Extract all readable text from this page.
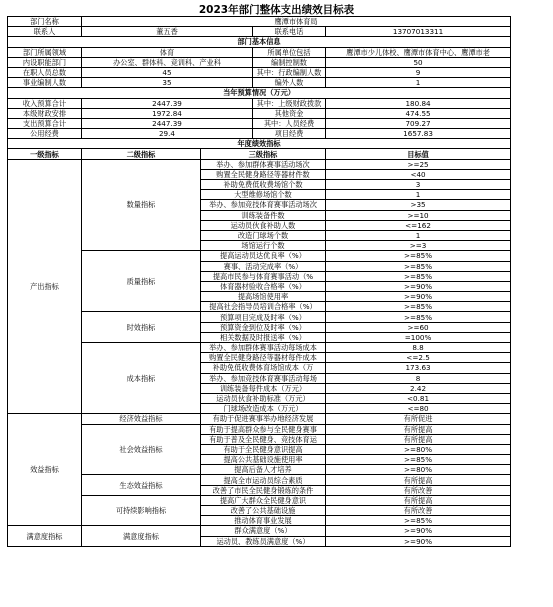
2023年部门整体支出绩效目标表
部门名称	鹰潭市体育局			
联系人	董五香		联系电话	13707013311
部门基本信息				
部门所属领域	体育		所属单位包括	鹰潭市少儿体校、鹰潭市体育中心、鹰潭市老
内设职能部门	办公室、群体科、竞训科、产业科		编制控制数	50
在职人员总数	45		其中：行政编制人数	9
事业编制人数	35		编外人数	1
当年预算情况（万元）				
收入预算合计	2447.39		其中：上级财政拨款	180.84
本级财政安排	1972.84		其他资金	474.55
支出预算合计	2447.39		其中：人员经费	709.27
公用经费	29.4		项目经费	1657.83
年度绩效指标				
一级指标	二级指标	三级指标		目标值
产出指标	数量指标	举办、参加群体赛事活动场次		>=25
		购置全民健身路径等器材件数		<40
		补助免费低收费场馆个数		3
		大型维修场馆个数		1
		举办、参加竞技体育赛事活动场次		>35
		训练装备件数		>=10
		运动员伙食补助人数		<=162
		改造门球场个数		1
		场馆运行个数		>=3
	质量指标	提高运动员达优良率（%）		>=85%
		赛事、活动完成率（%）		>=85%
		提高市民参与体育赛事活动（%		>=85%
		体育器材验收合格率（%）		>=90%
		提高场馆使用率		>=90%
		提高社会指导员培训合格率（%）		>=85%
	时效指标	预算项目完成及时率（%）		>=85%
		预算资金到位及时率（%）		>=60
		相关数据及时报送率（%）		=100%
	成本指标	举办、参加群体赛事活动每场成本		8.8
		购置全民健身路径等器材每件成本		<=2.5
		补助免低收费体育场馆成本（万		173.63
		举办、参加竞技体育赛事活动每场		8
		训练装备每件成本（万元）		2.42
		运动员伙食补助标准（万元）		<0.81
		门球场改造成本（万元）		<=80
效益指标	经济效益指标	有助于促进赛事举办地经济发展		有所促进
	社会效益指标	有助于提高群众参与全民健身赛事		有所提高
		有助于普及全民健身、竞技体育运		有所提高
		有助于全民健身意识提高		>=80%
		提高公共基础设施使用率		>=85%
		提高后备人才培养		>=80%
	生态效益指标	提高全市运动员综合素质		有所提高
		改善了市民全民健身锻炼的条件		有所改善
	可持续影响指标	提高广大群众全民健身意识		有所提高
		改善了公共基础设施		有所改善
		推动体育事业发展		>=85%
满意度指标	满意度指标	群众满意度（%）		>=90%
		运动员、教练员满意度（%）		>=90%
